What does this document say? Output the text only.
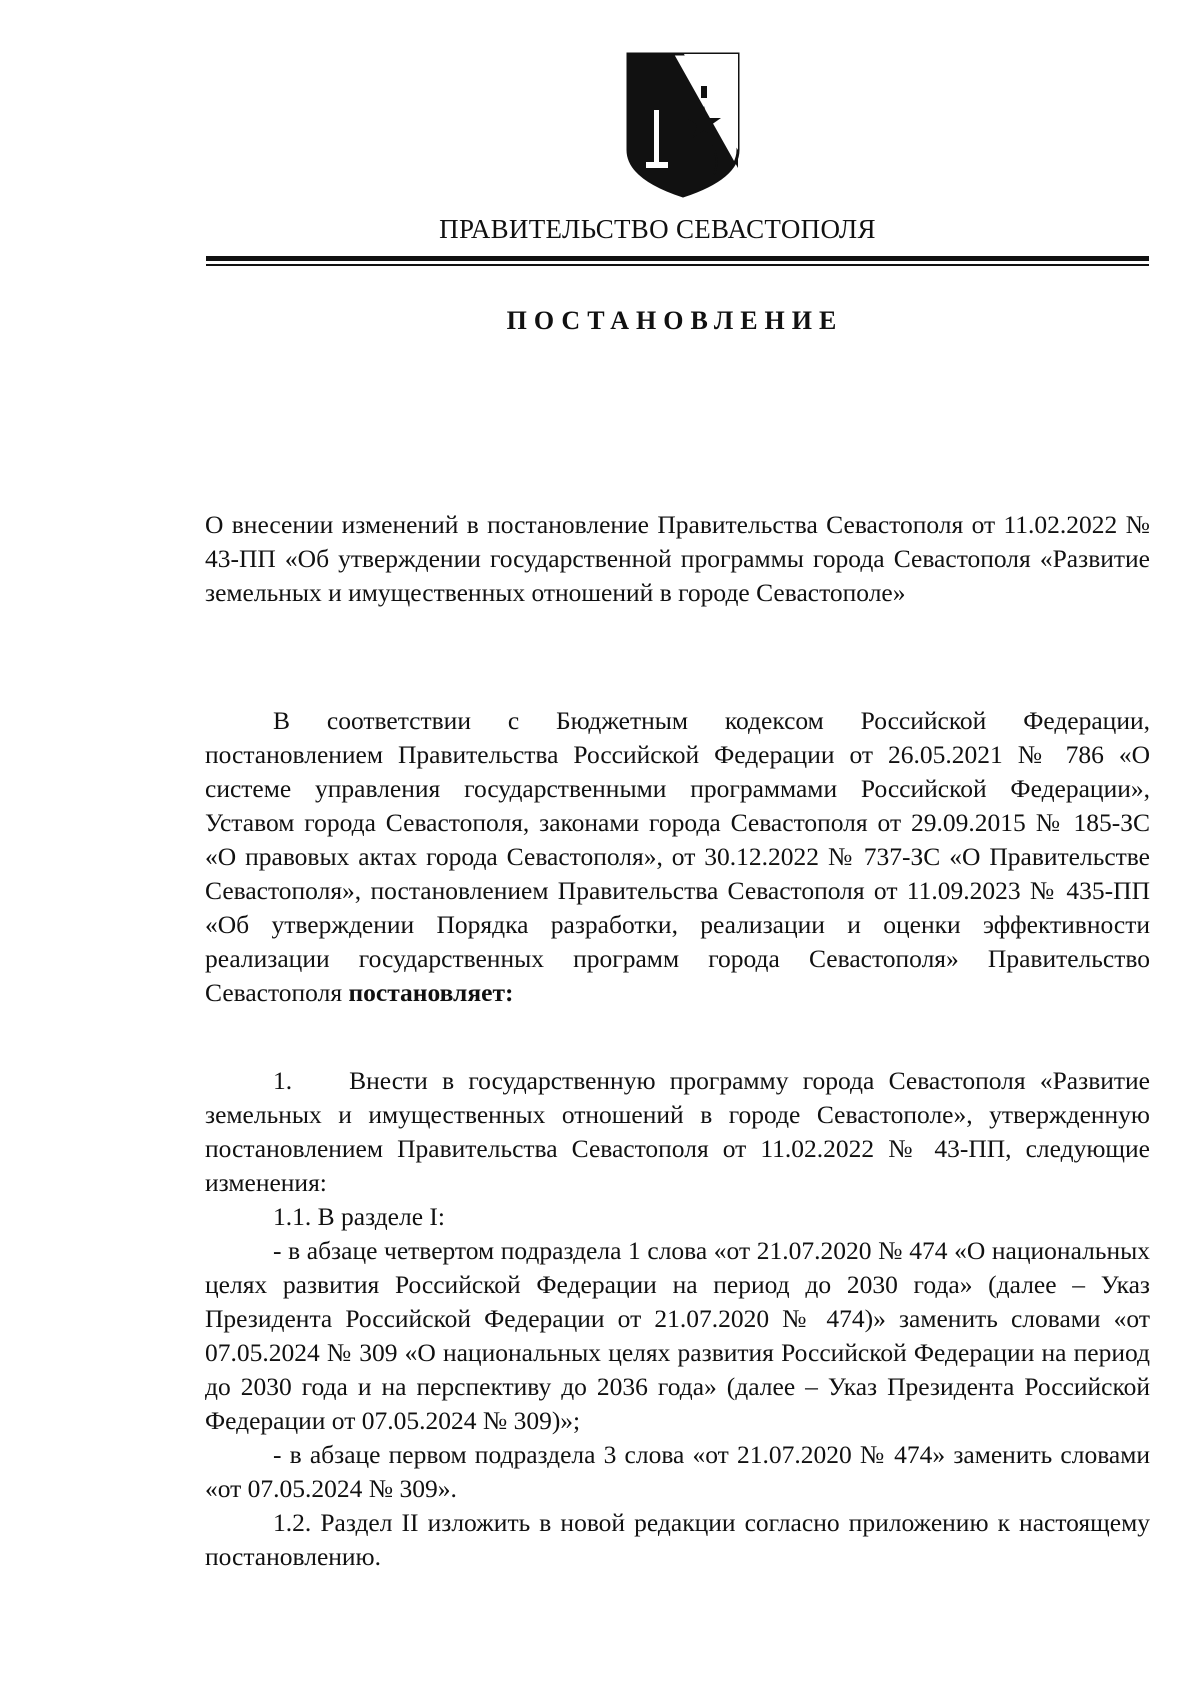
ПРАВИТЕЛЬСТВО СЕВАСТОПОЛЯ
ПОСТАНОВЛЕНИЕ

О внесении изменений в постановление Правительства Севастополя от 11.02.2022 № 43-ПП «Об утверждении государственной программы города Севастополя «Развитие земельных и имущественных отношений в городе Севастополе»

В соответствии с Бюджетным кодексом Российской Федерации, постановлением Правительства Российской Федерации от 26.05.2021 № 786 «О системе управления государственными программами Российской Федерации», Уставом города Севастополя, законами города Севастополя от 29.09.2015 № 185-ЗС «О правовых актах города Севастополя», от 30.12.2022 № 737-ЗС «О Правительстве Севастополя», постановлением Правительства Севастополя от 11.09.2023 № 435-ПП «Об утверждении Порядка разработки, реализации и оценки эффективности реализации государственных программ города Севастополя» Правительство Севастополя постановляет:

1.    Внести в государственную программу города Севастополя «Развитие земельных и имущественных отношений в городе Севастополе», утвержденную постановлением Правительства Севастополя от 11.02.2022 № 43-ПП, следующие изменения:

1.1. В разделе I:

- в абзаце четвертом подраздела 1 слова «от 21.07.2020 № 474 «О национальных целях развития Российской Федерации на период до 2030 года» (далее – Указ Президента Российской Федерации от 21.07.2020 № 474)» заменить словами «от 07.05.2024 № 309 «О национальных целях развития Российской Федерации на период до 2030 года и на перспективу до 2036 года» (далее – Указ Президента Российской Федерации от 07.05.2024 № 309)»;

- в абзаце первом подраздела 3 слова «от 21.07.2020 № 474» заменить словами «от 07.05.2024 № 309».

1.2. Раздел II изложить в новой редакции согласно приложению к настоящему постановлению.
